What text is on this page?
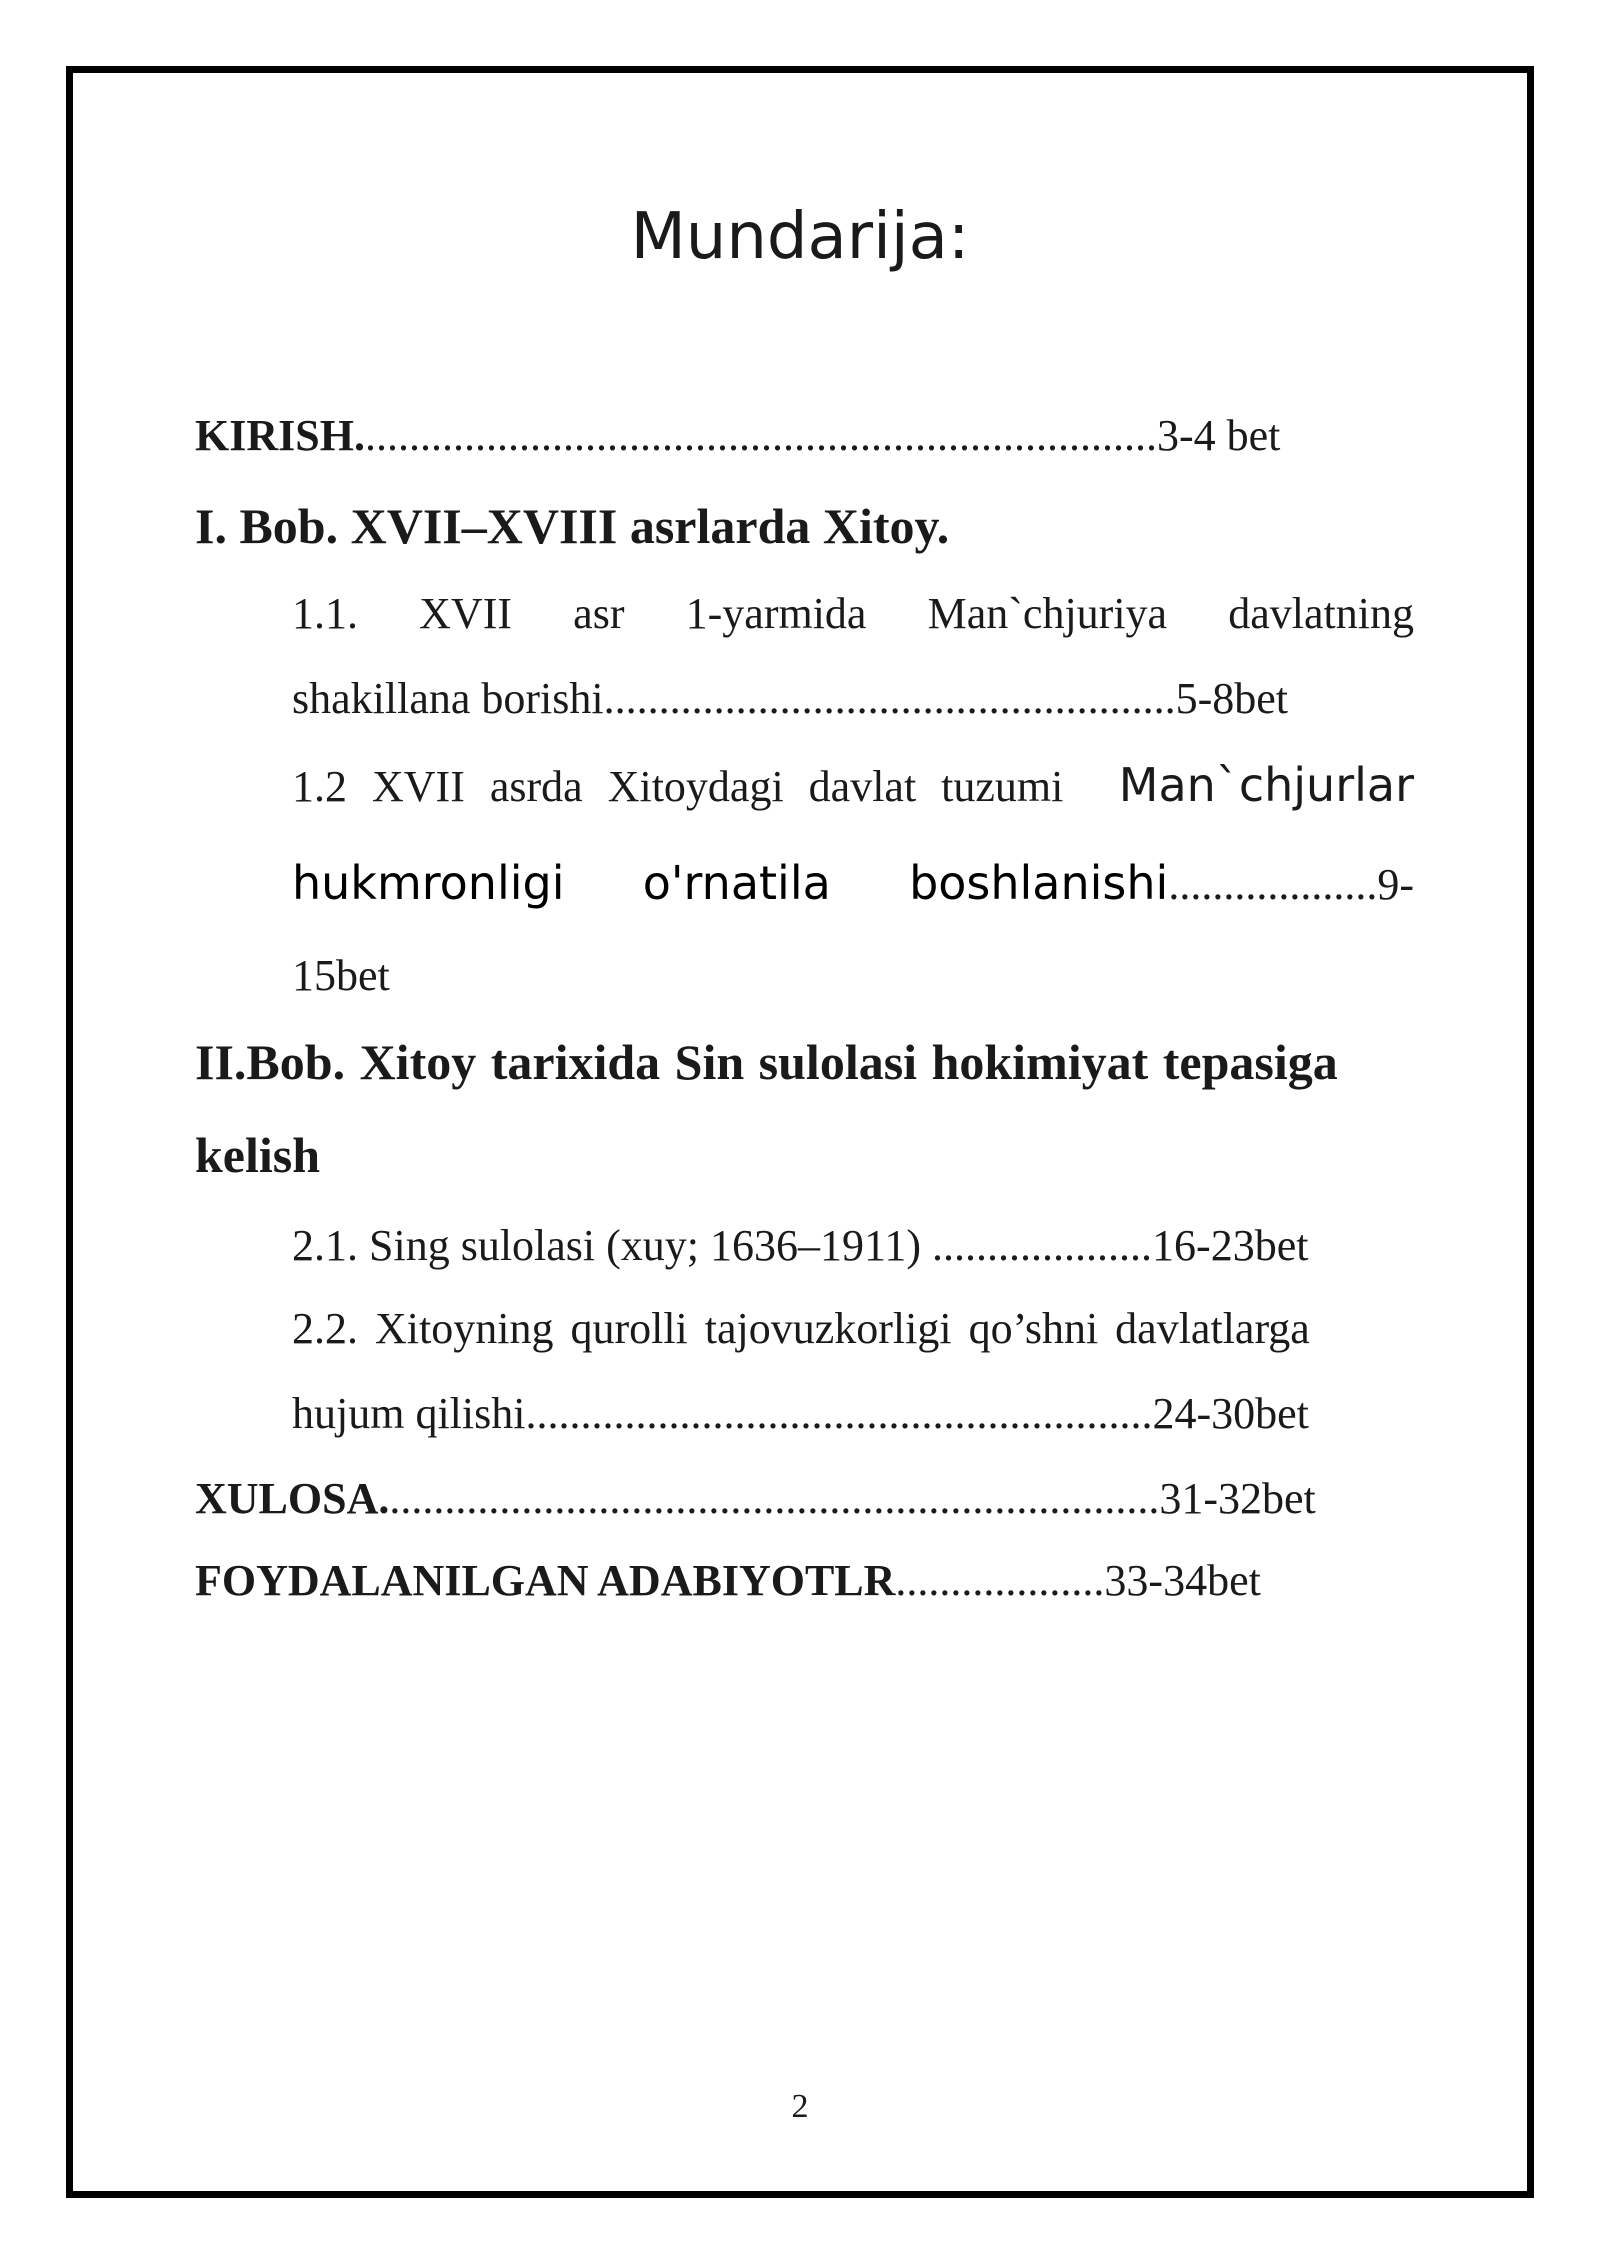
Mundarija:
KIRISH.........................................................................3-4 bet
I. Bob. XVII–XVIII asrlarda Xitoy.
1.1. XVII asr 1-yarmida Man`chjuriya davlatning
shakillana borishi....................................................5-8bet
1.2 XVII asrda Xitoydagi davlat tuzumi Man`chjurlar
hukmronligi o'rnatila boshlanishi...................9-
15bet
II.Bob. Xitoy tarixida Sin sulolasi hokimiyat tepasiga
kelish
2.1. Sing sulolasi (xuy; 1636–1911) ....................16-23bet
2.2. Xitoyning qurolli tajovuzkorligi qo’shni davlatlarga
hujum qilishi.........................................................24-30bet
XULOSA.......................................................................31-32bet
FOYDALANILGAN ADABIYOTLR...................33-34bet
2
